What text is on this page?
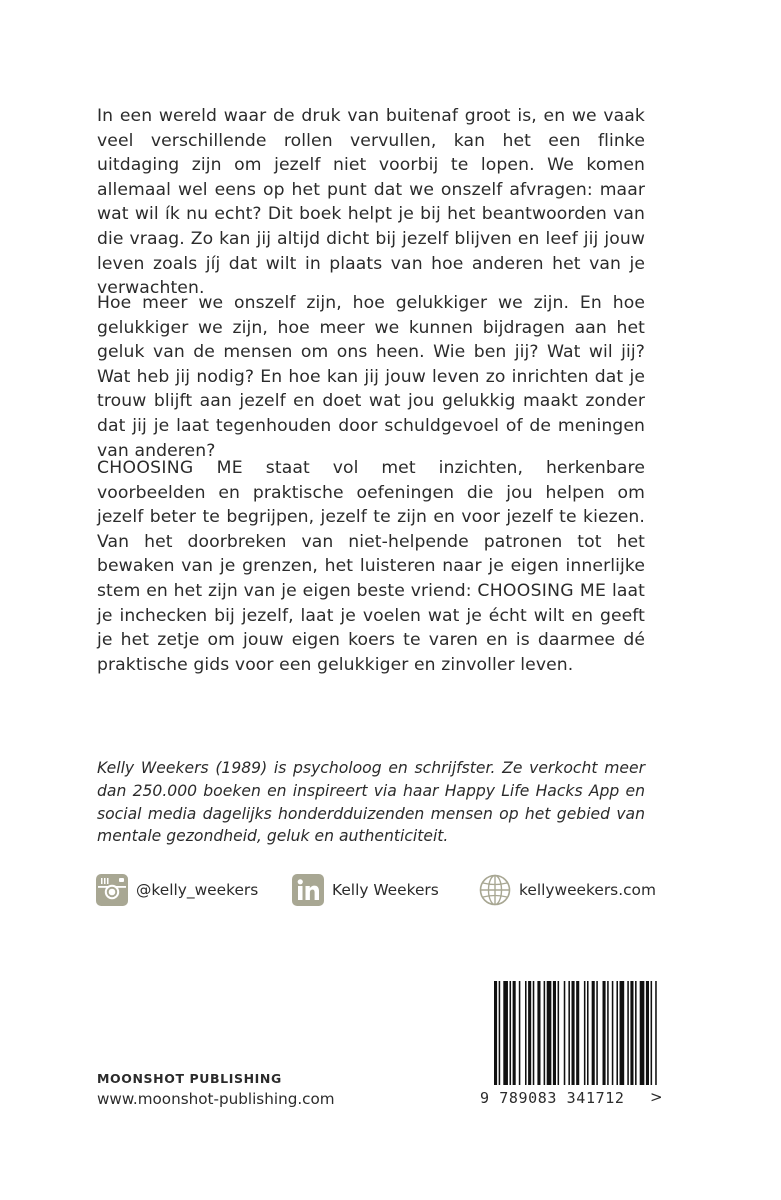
In een wereld waar de druk van buitenaf groot is, en we vaak veel verschillende rollen vervullen, kan het een flinke uitdaging zijn om jezelf niet voorbij te lopen. We komen allemaal wel eens op het punt dat we onszelf afvragen: maar wat wil ík nu echt? Dit boek helpt je bij het beantwoorden van die vraag. Zo kan jij altijd dicht bij jezelf blijven en leef jij jouw leven zoals jíj dat wilt in plaats van hoe anderen het van je verwachten.

Hoe meer we onszelf zijn, hoe gelukkiger we zijn. En hoe gelukkiger we zijn, hoe meer we kunnen bijdragen aan het geluk van de mensen om ons heen. Wie ben jij? Wat wil jij? Wat heb jij nodig? En hoe kan jij jouw leven zo inrichten dat je trouw blijft aan jezelf en doet wat jou gelukkig maakt zonder dat jij je laat tegenhouden door schuldgevoel of de meningen van anderen?

CHOOSING ME staat vol met inzichten, herkenbare voorbeelden en praktische oefeningen die jou helpen om jezelf beter te begrijpen, jezelf te zijn en voor jezelf te kiezen. Van het doorbreken van niet-helpende patronen tot het bewaken van je grenzen, het luisteren naar je eigen innerlijke stem en het zijn van je eigen beste vriend: CHOOSING ME laat je inchecken bij jezelf, laat je voelen wat je écht wilt en geeft je het zetje om jouw eigen koers te varen en is daarmee dé praktische gids voor een gelukkiger en zinvoller leven.

Kelly Weekers (1989) is psycholoog en schrijfster. Ze verkocht meer dan 250.000 boeken en inspireert via haar Happy Life Hacks App en social media dagelijks honderdduizenden mensen op het gebied van mentale gezondheid, geluk en authenticiteit.

@kelly_weekers	Kelly Weekers	kellyweekers.com
MOONSHOT PUBLISHING
www.moonshot-publishing.com	9 789083 341712	>
